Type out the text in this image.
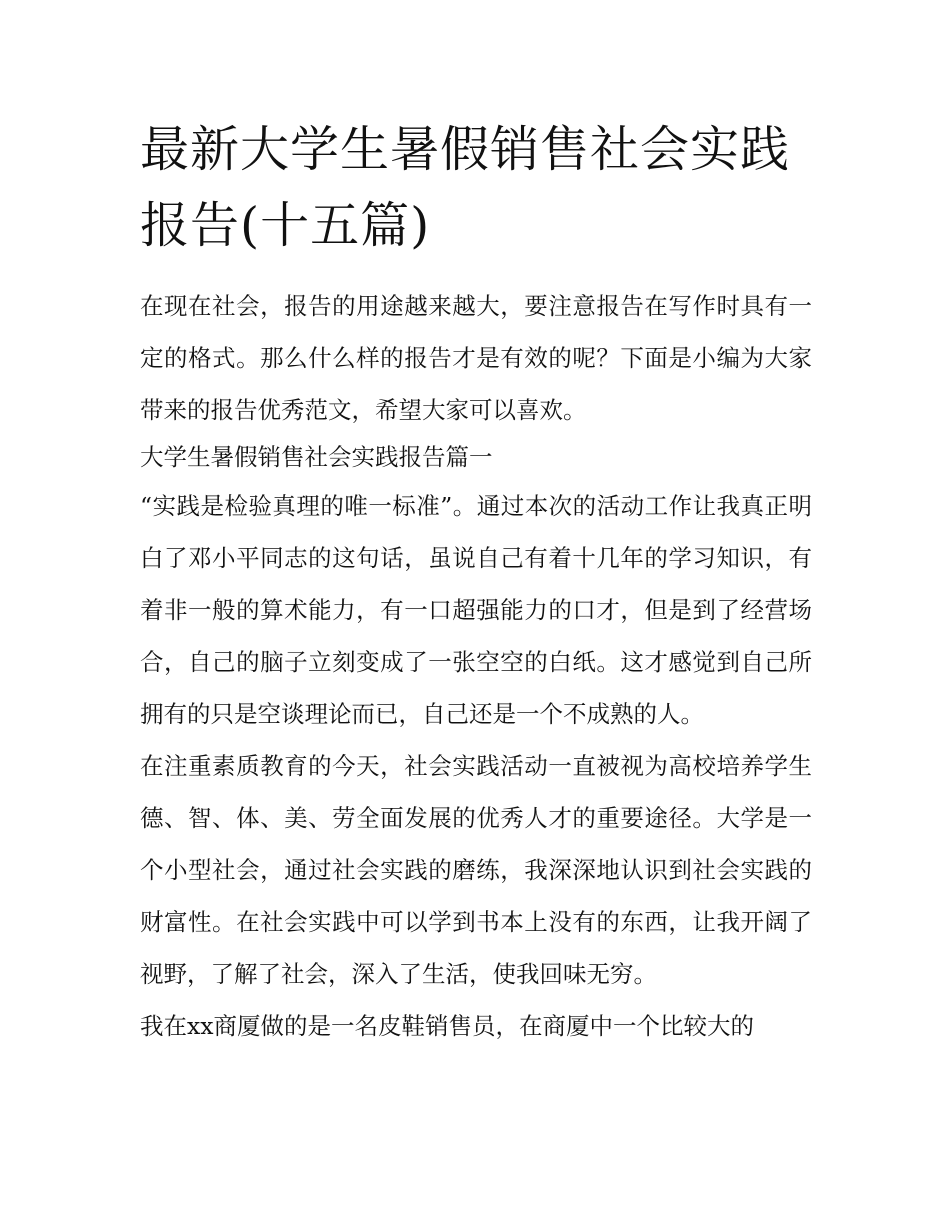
最新大学生暑假销售社会实践报告(十五篇)

在现在社会，报告的用途越来越大，要注意报告在写作时具有一定的格式。那么什么样的报告才是有效的呢？下面是小编为大家带来的报告优秀范文，希望大家可以喜欢。

大学生暑假销售社会实践报告篇一

“实践是检验真理的唯一标准”。通过本次的活动工作让我真正明白了邓小平同志的这句话，虽说自己有着十几年的学习知识，有着非一般的算术能力，有一口超强能力的口才，但是到了经营场合，自己的脑子立刻变成了一张空空的白纸。这才感觉到自己所拥有的只是空谈理论而已，自己还是一个不成熟的人。

在注重素质教育的今天，社会实践活动一直被视为高校培养学生德、智、体、美、劳全面发展的优秀人才的重要途径。大学是一个小型社会，通过社会实践的磨练，我深深地认识到社会实践的财富性。在社会实践中可以学到书本上没有的东西，让我开阔了视野，了解了社会，深入了生活，使我回味无穷。

我在xx商厦做的是一名皮鞋销售员，在商厦中一个比较大的
